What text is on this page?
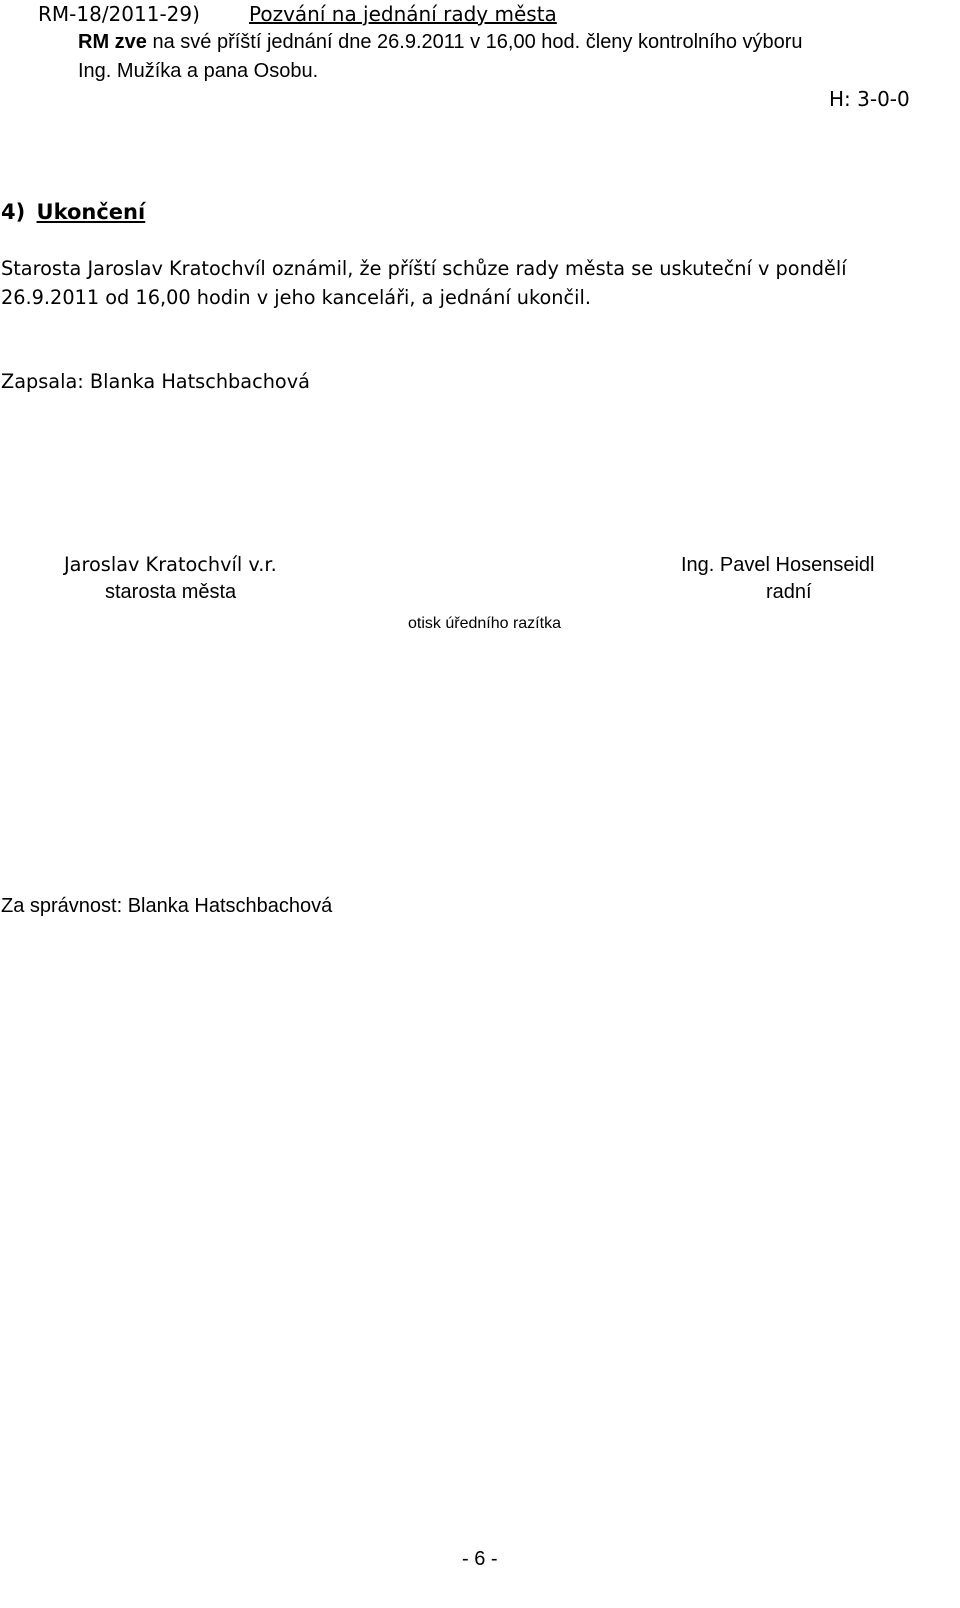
RM-18/2011-29) Pozvání na jednání rady města
RM zve na své příští jednání dne 26.9.2011 v 16,00 hod. členy kontrolního výboru
Ing. Mužíka a pana Osobu.
H: 3-0-0
4) Ukončení
Starosta Jaroslav Kratochvíl oznámil, že příští schůze rady města se uskuteční v pondělí
26.9.2011 od 16,00 hodin v jeho kanceláři, a jednání ukončil.
Zapsala: Blanka Hatschbachová
Jaroslav Kratochvíl v.r.
starosta města
otisk úředního razítka
Ing. Pavel Hosenseidl
radní
Za správnost: Blanka Hatschbachová
- 6 -
